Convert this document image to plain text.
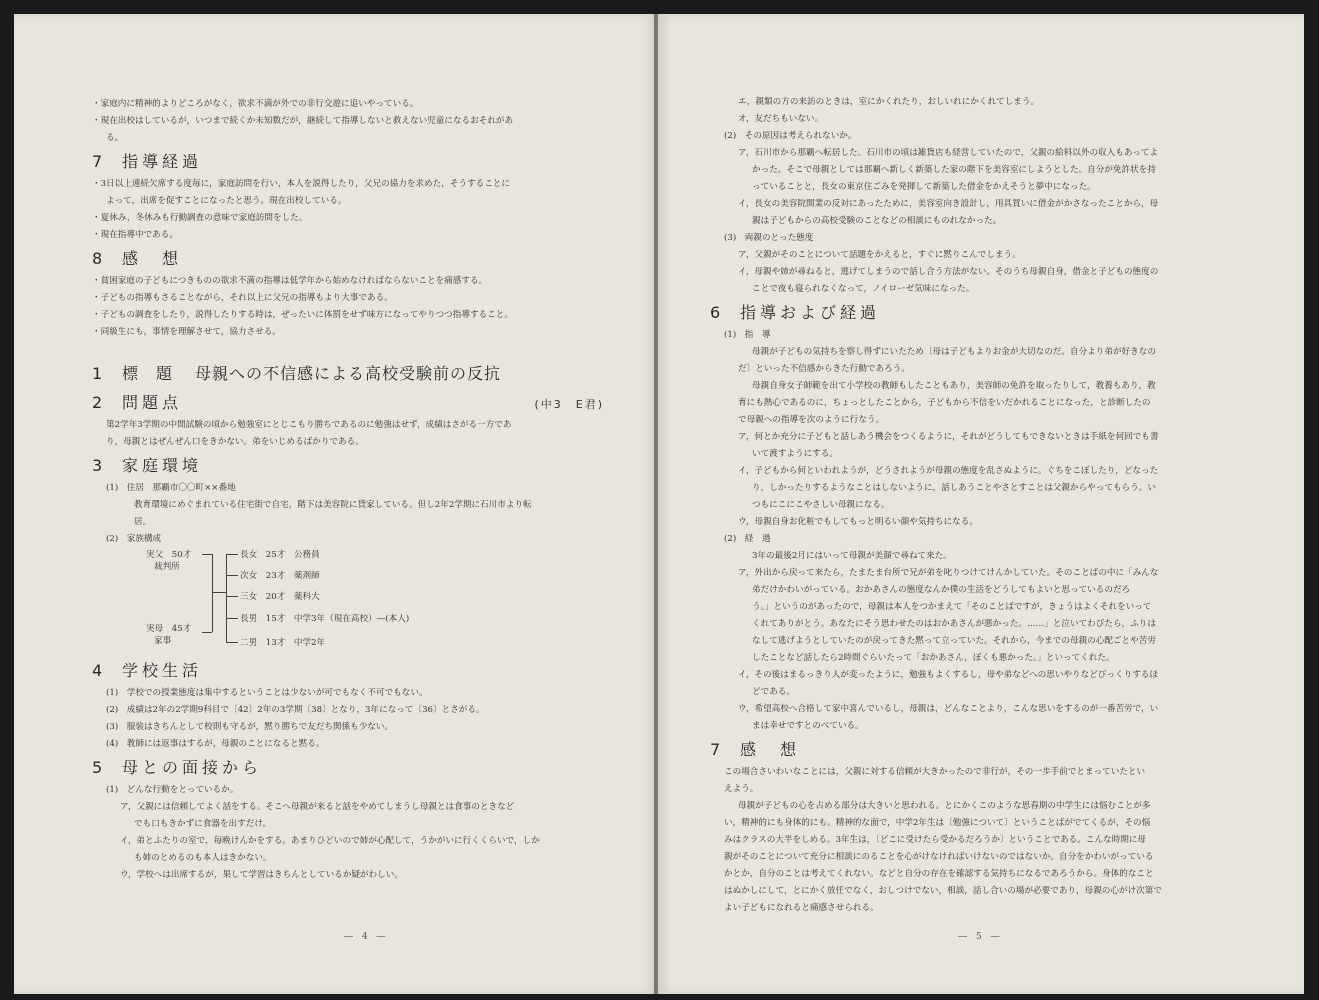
・家庭内に精神的よりどころがなく，欲求不満が外での非行交遊に追いやっている。
・現在出校はしているが，いつまで続くか未知数だが，継続して指導しないと救えない児童になるおそれがあ
る。
7	指導経過
・3日以上連続欠席する度毎に，家庭訪問を行い，本人を説得したり，父兄の協力を求めた，そうすることに
よって，出席を促すことになったと思う。現在出校している。
・夏休み，冬休みも行動調査の意味で家庭訪問をした。
・現在指導中である。
8	感　想
・貧困家庭の子どもにつきものの欲求不満の指導は低学年から始めなければならないことを痛感する。
・子どもの指導もさることながら，それ以上に父兄の指導もより大事である。
・子どもの調査をしたり，説得したりする時は，ぜったいに体罰をせず味方になってやりつつ指導すること。
・同級生にも，事情を理解させて，協力させる。
1	標　題 母親への不信感による高校受験前の反抗
2	問題点	(中3　E君)
第2学年3学期の中間試験の頃から勉強室にとじこもり勝ちであるのに勉強はせず，成績はさがる一方であ
り，母親とはぜんぜん口をきかない。弟をいじめるばかりである。
3	家庭環境
(1)　住居　那覇市〇〇町××番地
教育環境にめぐまれている住宅街で自宅，階下は美容院に貸家している。但し2年2学期に石川市より転
居。
(2)　家族構成
実父　50才
裁判所
実母　45才
家事
長女　25才　公務員
次女　23才　薬剤師
三女　20才　薬科大
長男　15才　中学3年（現在高校）―(本人)
二男　13才　中学2年
4	学校生活
(1)　学校での授業態度は集中するということは少ないが可でもなく不可でもない。
(2)　成績は2年の2学期9科目で〔42〕2年の3学期〔38〕となり，3年になって〔36〕とさがる。
(3)　服装はきちんとして校則も守るが，黙り勝ちで友だち関係も少ない。
(4)　教師には返事はするが，母親のことになると黙る。
5	母との面接から
(1)　どんな行動をとっているか。
ア，父親には信頼してよく話をする。そこへ母親が来ると話をやめてしまうし母親とは食事のときなど
でも口もきかずに食器を出すだけ。
イ，弟とふたりの室で，毎晩けんかをする。あまりひどいので姉が心配して，うかがいに行くくらいで，しか
も姉のとめるのも本人はきかない。
ウ，学校へは出席するが，果して学習はきちんとしているか疑がわしい。
― 4 ―
エ，親類の方の来訪のときは，室にかくれたり，おしいれにかくれてしまう。
オ，友だちもいない。
(2)　その原因は考えられないか。
ア，石川市から那覇へ転居した。石川市の頃は雑貨店も経営していたので，父親の給料以外の収入もあってよ
かった。そこで母親としては那覇へ新しく新築した家の階下を美容室にしようとした。自分が免許状を持
っていることと，長女の東京住ごみを発揮して新築した借金をかえそうと夢中になった。
イ，長女の美容院開業の反対にあったために，美容室向き設計し，用具買いに借金がかさなったことから，母
親は子どもからの高校受験のことなどの相談にものれなかった。
(3)　両親のとった態度
ア，父親がそのことについて話題をかえると，すぐに黙りこんでしまう。
イ，母親や姉が尋ねると，逃げてしまうので話し合う方法がない。そのうち母親自身，借金と子どもの態度の
ことで夜も寝られなくなって，ノイローゼ気味になった。
6	指導および経過
(1)　指　導
母親が子どもの気持ちを察し得ずにいたため〔母は子どもよりお金が大切なのだ。自分より弟が好きなの
だ〕といった不信感からきた行動であろう。
母親自身女子師範を出て小学校の教師もしたこともあり，美容師の免許を取ったりして，教養もあり，教
育にも熱心であるのに，ちょっとしたことから，子どもから不信をいだかれることになった，と診断したの
で母親への指導を次のように行なう。
ア，何とか充分に子どもと話しあう機会をつくるように，それがどうしてもできないときは手紙を何回でも書
いて渡すようにする。
イ，子どもから何といわれようが，どうされようが母親の態度を乱さぬように。ぐちをこぼしたり，どなった
り，しかったりするようなことはしないように，話しあうことやさとすことは父親からやってもらう。い
つもにこにこやさしい母親になる。
ウ，母親自身お化粧でもしてもっと明るい顔や気持ちになる。
(2)　経　過
3年の最後2月にはいって母親が美顔で尋ねて来た。
ア，外出から戻って来たら，たまたま台所で兄が弟を叱りつけてけんかしていた。そのことばの中に「みんな
弟だけかわいがっている。おかあさんの態度なんか僕の生活をどうしてもよいと思っているのだろ
う。」というのがあったので，母親は本人をつかまえて「そのことばですが，きょうはよくそれをいって
くれてありがとう。あなたにそう思わせたのはおかあさんが悪かった。……」と泣いてわびたら，ふりは
なして逃げようとしていたのが戻ってきた黙って立っていた。それから，今までの母親の心配ごとや苦労
したことなど話したら2時間ぐらいたって「おかあさん，ぼくも悪かった。」といってくれた。
イ，その後はまるっきり人が変ったように，勉強もよくするし，母や弟などへの思いやりなどびっくりするほ
どである。
ウ，希望高校へ合格して家中喜んでいるし，母親は，どんなことより，こんな思いをするのが一番苦労で，い
まは幸せですとのべている。
7	感　想
この場合さいわいなことには，父親に対する信頼が大きかったので非行が，その一歩手前でとまっていたとい
えよう。
母親が子どもの心を占める部分は大きいと思われる。とにかくこのような思春期の中学生には悩むことが多
い，精神的にも身体的にも。精神的な面で，中学2年生は〔勉強について〕ということばがでてくるが，その悩
みはクラスの大半をしめる。3年生は，〔どこに受けたら受かるだろうか〕ということである。こんな時期に母
親がそのことについて充分に相談にのることを心がけなければいけないのではないか。自分をかわいがっている
かとか，自分のことは考えてくれない。などと自分の存在を確認する気持ちになるであろうから。身体的なこと
はぬかしにして，とにかく放任でなく，おしつけでない，相談，話し合いの場が必要であり，母親の心がけ次第で
よい子どもになれると痛感させられる。
― 5 ―
